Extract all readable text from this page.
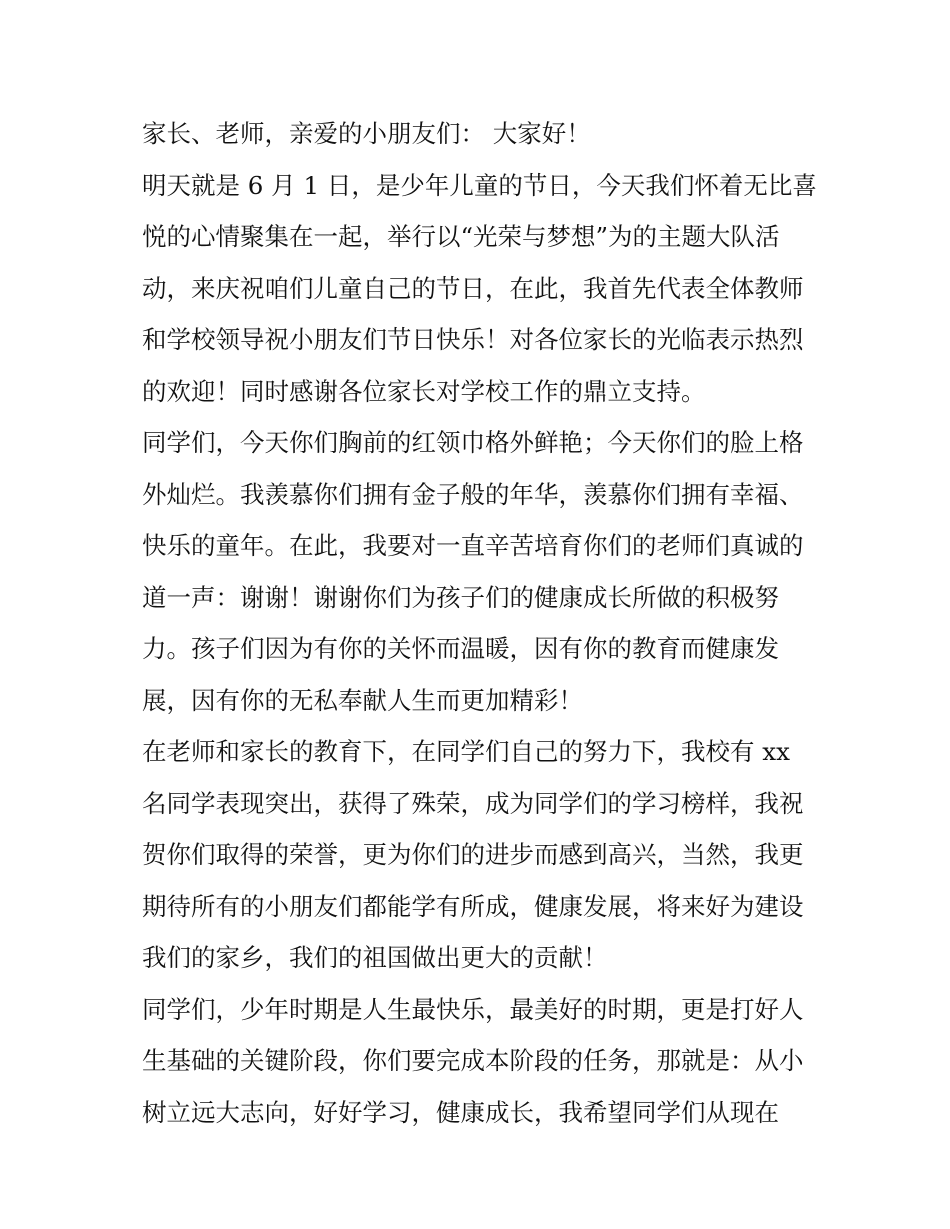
家长、老师，亲爱的小朋友们： 大家好！
明天就是 6 月 1 日，是少年儿童的节日，今天我们怀着无比喜
悦的心情聚集在一起，举行以“光荣与梦想”为的主题大队活
动，来庆祝咱们儿童自己的节日，在此，我首先代表全体教师
和学校领导祝小朋友们节日快乐！对各位家长的光临表示热烈
的欢迎！同时感谢各位家长对学校工作的鼎立支持。
同学们，今天你们胸前的红领巾格外鲜艳；今天你们的脸上格
外灿烂。我羡慕你们拥有金子般的年华，羡慕你们拥有幸福、
快乐的童年。在此，我要对一直辛苦培育你们的老师们真诚的
道一声：谢谢！谢谢你们为孩子们的健康成长所做的积极努
力。孩子们因为有你的关怀而温暖，因有你的教育而健康发
展，因有你的无私奉献人生而更加精彩！
在老师和家长的教育下，在同学们自己的努力下，我校有 xx
名同学表现突出，获得了殊荣，成为同学们的学习榜样，我祝
贺你们取得的荣誉，更为你们的进步而感到高兴，当然，我更
期待所有的小朋友们都能学有所成，健康发展，将来好为建设
我们的家乡，我们的祖国做出更大的贡献！
同学们，少年时期是人生最快乐，最美好的时期，更是打好人
生基础的关键阶段，你们要完成本阶段的任务，那就是：从小
树立远大志向，好好学习，健康成长，我希望同学们从现在
